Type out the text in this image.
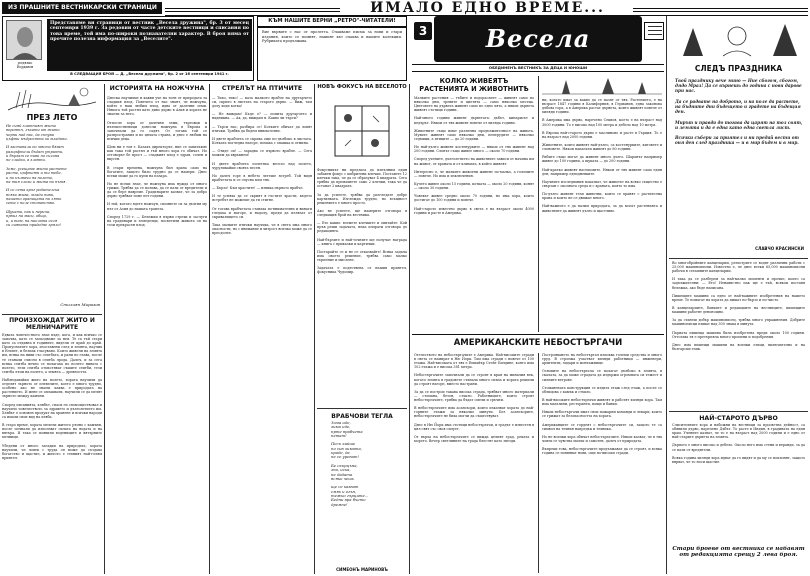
ИЗ ПРАШНИТЕ ВЕСТНИКАРСКИ СТРАНИЦИ	ИМАЛО ЕДНО ВРЕМЕ...
Недялко
Йорданов
Представяме ви страници от вестник „Весела дружина", бр. 3 от месец септември 1939 г. За редовни от часте детските вестници и списания по това време, той има по-широки познавателни характер. В броя няма от прочите полезна информация за „Веселите".
В СЛЕДВАЩИЯ БРОЙ — Д. „Весела дружина", бр. 2 от 16 септември 1941 г.
КЪМ НАШИТЕ ВЕРНИ „РЕТРО"-ЧИТАТЕЛИ!
Вие вървите с нас от пролетта. Очакваме писма за нови и стари издания, които се помнят, нашият кът очаква и вашите колекции. Рубриката продължава.
ПРЕЗ ЛЕТО
Не сияй златният жито
вероятн, лъхати от жито
черни над нас, да сънува
цъфти мъдростта за младини.

И застанали по място бягат
разцъфтели бъдат утринни,
и бързат се ниви по склона
не сладки, а златни.

Земе, усещаме жито растете
расте, цъфтеят и ти тебе,
и по кълвачи на полето,
на тия слези и жита на пътя.

И се сета кръг родителска
всяка жива, млади нива,
нашето ораницата на лято
сета с поле стопанство.

Щуката, пак и нерича,
првил на маси, общо,
и, и там, на ниелата огля
си сияната прадедне зряло!
Стилиян Миразов
ПРОИЗХОЖДАТ ЖИТО И МЕЛНИЧАРИТЕ
Едвата човечеството знае къде, кога, и как всичко се започва, като се запаздваме за нея. Те са тъй стари като са отдавна в годините, видели от край до край. Пропуснатите хора, изоставени след и земята, научих в Египет, и безпак гласувано. Които живели на земята им, всяка на ниви със сеитбата, и рани по глава, после те станали съвсем в сеитба лрода. Далеч, и за сега всяка сеитба вечно се полагаха по полето нивата с полето, тези сеитба отмъстяват съшите сеитби, тези сеитба лъчи на полето, а земята — древността.

Наблюдавайки жито на полето, хората научили да отделят зърното от плевелите, което е много трудно, особено ако не знаеш каква е природата на растението. И мене се оплаквали, научили се да мелят зърното между камъни.

Според писанията, хлябът, спаси ги спомоществовал и научило човечеството за здравето и дълголетието им. Хлябът е основен продукт на хранене и всички народи са имали свои вид на хляба.

В старо време, хората мелели житото ръчно с камъни, после почнали да използват силата на водата и на вятъра. И така се появили водениците и вятърните мелници.

Убедени от много загадки на природата, хората научили, че човек с труда си може да създава богатство и щастие, и житото е техният най-голям приятел.
ИСТОРИЯТА НА НОЖЧУНА
Днеска научихме и какви уче на тоен от природата за сладкия плод. Повечето от нас знаят, че ножчуна, който е наш любим плод, идва от далечни земи. Някога той растял като диво дърво в Азия и хората не знаели за него.

Отпосле хора от далечни земи, търговци и пътешественици донесли ножчуна в Европа и започнали да го садят. От тогава той се разпространил и по цялата страна, и днес е любим на всички деца.

Щом ни е тоя г. Казахъ директорът, ние се запитахме как така той растял и тъй много хора го обичат. Но отговорът бе прост — сладкият плод е здрав, сочен и вкусен.

В стари времена, ножчуна бил храна само на богатите, защото било трудно да се намери. Днес всеки може да го купи на пазара.

Но не всеки знае, че ножчуна има нужда от много грижи. Трябва да се полива, да се пази от вредители и да се бере навреме. Градинарите казват, че за добро дърво трябват поне пет години.

И тъй, когато ядете ножчун, спомнете си за дългия му път от Азия до нашата трапеза.

Според 1729 г. — Бележки в първи стрехи и заслуги на градинари и земеделци, посветили живота си на този прекрасен плод.
СТРЕЛЪТ НА ПТИЧИТЕ
— Тихо, тихо! — каза малкото врабче на другарчето си, скрито в листата на старото дърво. — Виж, там долу ходи котка!

— Не виждам! Къде е? — попита другарчето и надникна. — Ах, да, виждам я. Какво ли търси?

— Търси нас, разбира се! Котките обичат да ловят птички. Трябва да бъдем внимателни.

И двете врабчета се скриха още по-дълбоко в листата. Котката погледна нагоре, помаха с опашка и отмина.

— Отиде си! — зарадва се първото врабче. — Сега можем да хвръкнем!

И двете врабчета полетяха весело над полето, чуруликайки своята песен.

Но далеч горе в небето летеше ястреб. Той видя врабчетата и се спусна към тях.

— Бързо! Към храстите! — извика първото врабче.

И те успяха да се скрият в гъстите храсти, където ястребът не можеше да ги стигне.

От тогава врабчетата станаха по-внимателни и винаги гледаха и нагоре, и надолу, преди да излязат от скривалището си.

Така малките птички научиха, че в света има много опасности, но с внимание и хитрост всичко може да се преодолее.
НОВЪ ФОКУСЪ НА ВЕСЕЛОТО
Фокусникът ни предлага да изпълним един забавен фокус с кибритени клечки. Поставете 12 клечки така, че да се образуват 4 квадрата. Сега трябва да премахнете само 2 клечки, така че да останат 2 квадрата.

За да успеете, трябва да разгледате добре картинката. Изглежда трудно, но всъщност решението е много просто.

Ако не успеете, ще намерите отговора в следващия брой на вестника.

— Ето какво: вземете клечките и опитайте. Кой пръв реши задачата, нека изпрати отговора до редакцията.

Най-бързите и най-точните ще получат награда — книга с приказки и картички.

Постарайте се и не се отказвайте! Всяка задача има своето решение, трябва само малко търпение и мислене.

Задачата е подготвена от нашия приятел, фокусника Чудомир.
3	Весела
ОБЕДИНЕНЪ ВЕСТНИКЪ ЗА ДЕЦА И ЮНОШИ
ВРАБЧОВИ ТЕГЛА
Зима иде,
зима иде,
прте врабчета
петат!

Песъ кайше
по сив зимата,
краде, да
не се уреват!

Бе скърцъна,
зна, иска,
не дадата
всяко чешь

ще се казват
смях и огън,
тежко гърците...
Бедни вра бчето
дремне!
СИМЕОНЪ МАРИНОВЪ
КОЛКО ЖИВЕЯТЪ РАСТЕНИЯТА И ЖИВОТНИТѢ
Малките растения — гъбите и водораслите — живеят само по няколко дни, тревите и цветята — само няколко месеца. Цветовете на дървета живеят само по едно лято, а някои дървета живеят стотици години.

Най-много години живеят дърветата: дъбът, кипарисът и кедърът. Някои от тях живеят повече от хиляда години.

Животните също имат различна продължителност на живота. Мухите живеят само няколко дни, пеперудите — няколко седмици, а птиците — до 20 години.

Но най-дълго живеят костенурките — някои от тях живеят над 200 години. Слонът също живее много — около 70 години.

Според учените, дълголетието на животните зависи от начина им на живот, от храната и от климата, в който живеят.

Интересно е, че малките животни живеят по-малко, а големите — повече. Но има и изключения.

Кучето живее около 15 години, котката — около 20 години, конят — около 30 години.

Човекът живее средно около 70 години, но има хора, които достигат до 100 години и повече.

Най-старото известно дърво в света е на възраст около 4000 години и расте в Америка.
ни, когато имат за какво да се пазят от тях. Растението, е на възраст 1847 години в Калифорния, в Германия, една законова дъбова гора, а в Америка растат дървета, които живеят повече от хиляди години.

В Америка има дърво, наречено Секвоя, което е на възраст над 3000 години. То е високо над 100 метра и дебело над 10 метра.

В Европа най-старото дърво е маслиново и расте в Гърция. То е на възраст над 2000 години.

Животните, които живеят най-дълго, са костенурките, китовете и слоновете. Някои папагали живеят до 80 години.

Рибите също могат да живеят много дълго. Шаранът например живее до 100 години, а щуката — до 200 години.

Най-кратко живеят насекомите. Някои от тях живеят само един ден, например еднодневките.

Научните изследвания показват, че животът на всяко същество е свързан с околната среда и с храната, която то има.

По-дълго живеят тези животни, които се хранят с растителна храна и които не се движат много.

Най-важното е да пазим природата, за да могат растенията и животните да живеят дълго и щастливо.
АМЕРИКАНСКИТЕ НЕБОСТЪРГАЧИ
Отечеството на небостъргачите е Америка. Най-високите сгради в света се намират в Ню Йорк. Там има сгради с повече от 100 етажа. Най-високата от тях е Емпайър Стейт Билдинг, която има 102 етажа и е висока 381 метра.

Небостъргачите започнали да се строят в края на миналия век, когато земята в градовете станала много скъпа и хората решили да строят нагоре, вместо настрани.

За да се построи такава висока сграда, трябват много материали — стомана, бетон, стъкло. Работниците, които строят небостъргачите, трябва да бъдат смели и сръчни.

В небостъргачите има асансьори, които изкачват хората до най-горните етажи за няколко минути. Без асансьорите, небостъргачите не биха могли да съществуват.

Днес в Ню Йорк има стотици небостъргачи, и градът е известен в цял свят със своя силует.

От върха на небостъргачите се вижда целият град, реката и морето. Вечер светлините на града блестят като звезди.
Построяването на небостъргач изисква големи средства и много труд. В строежа участват хиляди работници — инженери, архитекти, зидари и монтажници.

Основите на небостъргача се полагат дълбоко в земята, в скалата, за да може сградата да издържи огромната си тежест и силните ветрове.

Стоманената конструкция се издига етаж след етаж, а после се облицова с камък и стъкло.

В най-високите небостъргачи живеят и работят хиляди хора. Там има магазини, ресторанти, пощи и банки.

Някои небостъргачи имат свои пожарни команди и лекари, които се грижат за безопасността на хората.

Американците се гордеят с небостъргачите си, защото те са символ на техния напредък и техника.

Но не всички хора обичат небостъргачите. Някои казват, че в тях човек се чувства малък и самотен, далеч от природата.

Въпреки това, небостъргачите продължават да се строят, и всяка година се появяват нови, още по-високи сгради.
СЛЕДЪ ПРАЗДНИКА
Твой празднику вече мино — Ние сбогом, сбогом, дядо Мраз! Да се върнешь до година с нови дарове при нас.

Да се радвате на доброто, и на поле да растете, на бъдните дни бъдещето и градете на бъдещия ден.

Мирът и правда до тогава да царят на тоз свят, и земята и да е една като една светла лист.

Всички събери за приятел и ни предай вести от оня ден след праздника — и в мир бъдем и в мир.
СЛАВЧО КРАСИНСКИ
Во многобройните канцеларии, регистрите се водят различни работи с 25,000 машинописни. Известно е, че днес всеки 65,000 машинописни рабочи в сегашните канцеларии.

И така да се разберем за най-малко моменти и прочие, които са задължителни: — Ето! Ненавистно пак ще е тъй, всякои поставя бележка, ако бъде написана.

Пишещите машини са едно от най-важните изобретения на нашето време. Те помагат на хората да пишат по-бързо и по-чисто.

В канцелариите, банките и редакциите на вестниците, пишещите машини работят денонощно.

За да станеш добър машинописец, трябва много упражнения. Добрите машинописци пишат над 300 знака в минута.

Първата пишеща машина била изобретена преди около 100 години. Оттогава тя е претърпяла много промени и подобрения.

Днес има пишещи машини на всички езици, включително и на български език.
НАЙ-СТАРОТО ДЪРВО
Слисителните хора и набожни на вестници за просветна дейност, са обявили дърво, наречено Дъбът. То расте в Индия, в градината на един храм. Учените казват, че то е на възраст над 2000 години и е едно от най-старите дървета на земята.

Дървото е много високо и дебело. Около него има стени и веранди, за да се пази от вредители.

Всяка година хиляди хора идват да го видят и да му се поклонят, защото вярват, че то носи щастие.
Стари броеве от вестника се набавят от редакцията срещу 2 лева броя.
